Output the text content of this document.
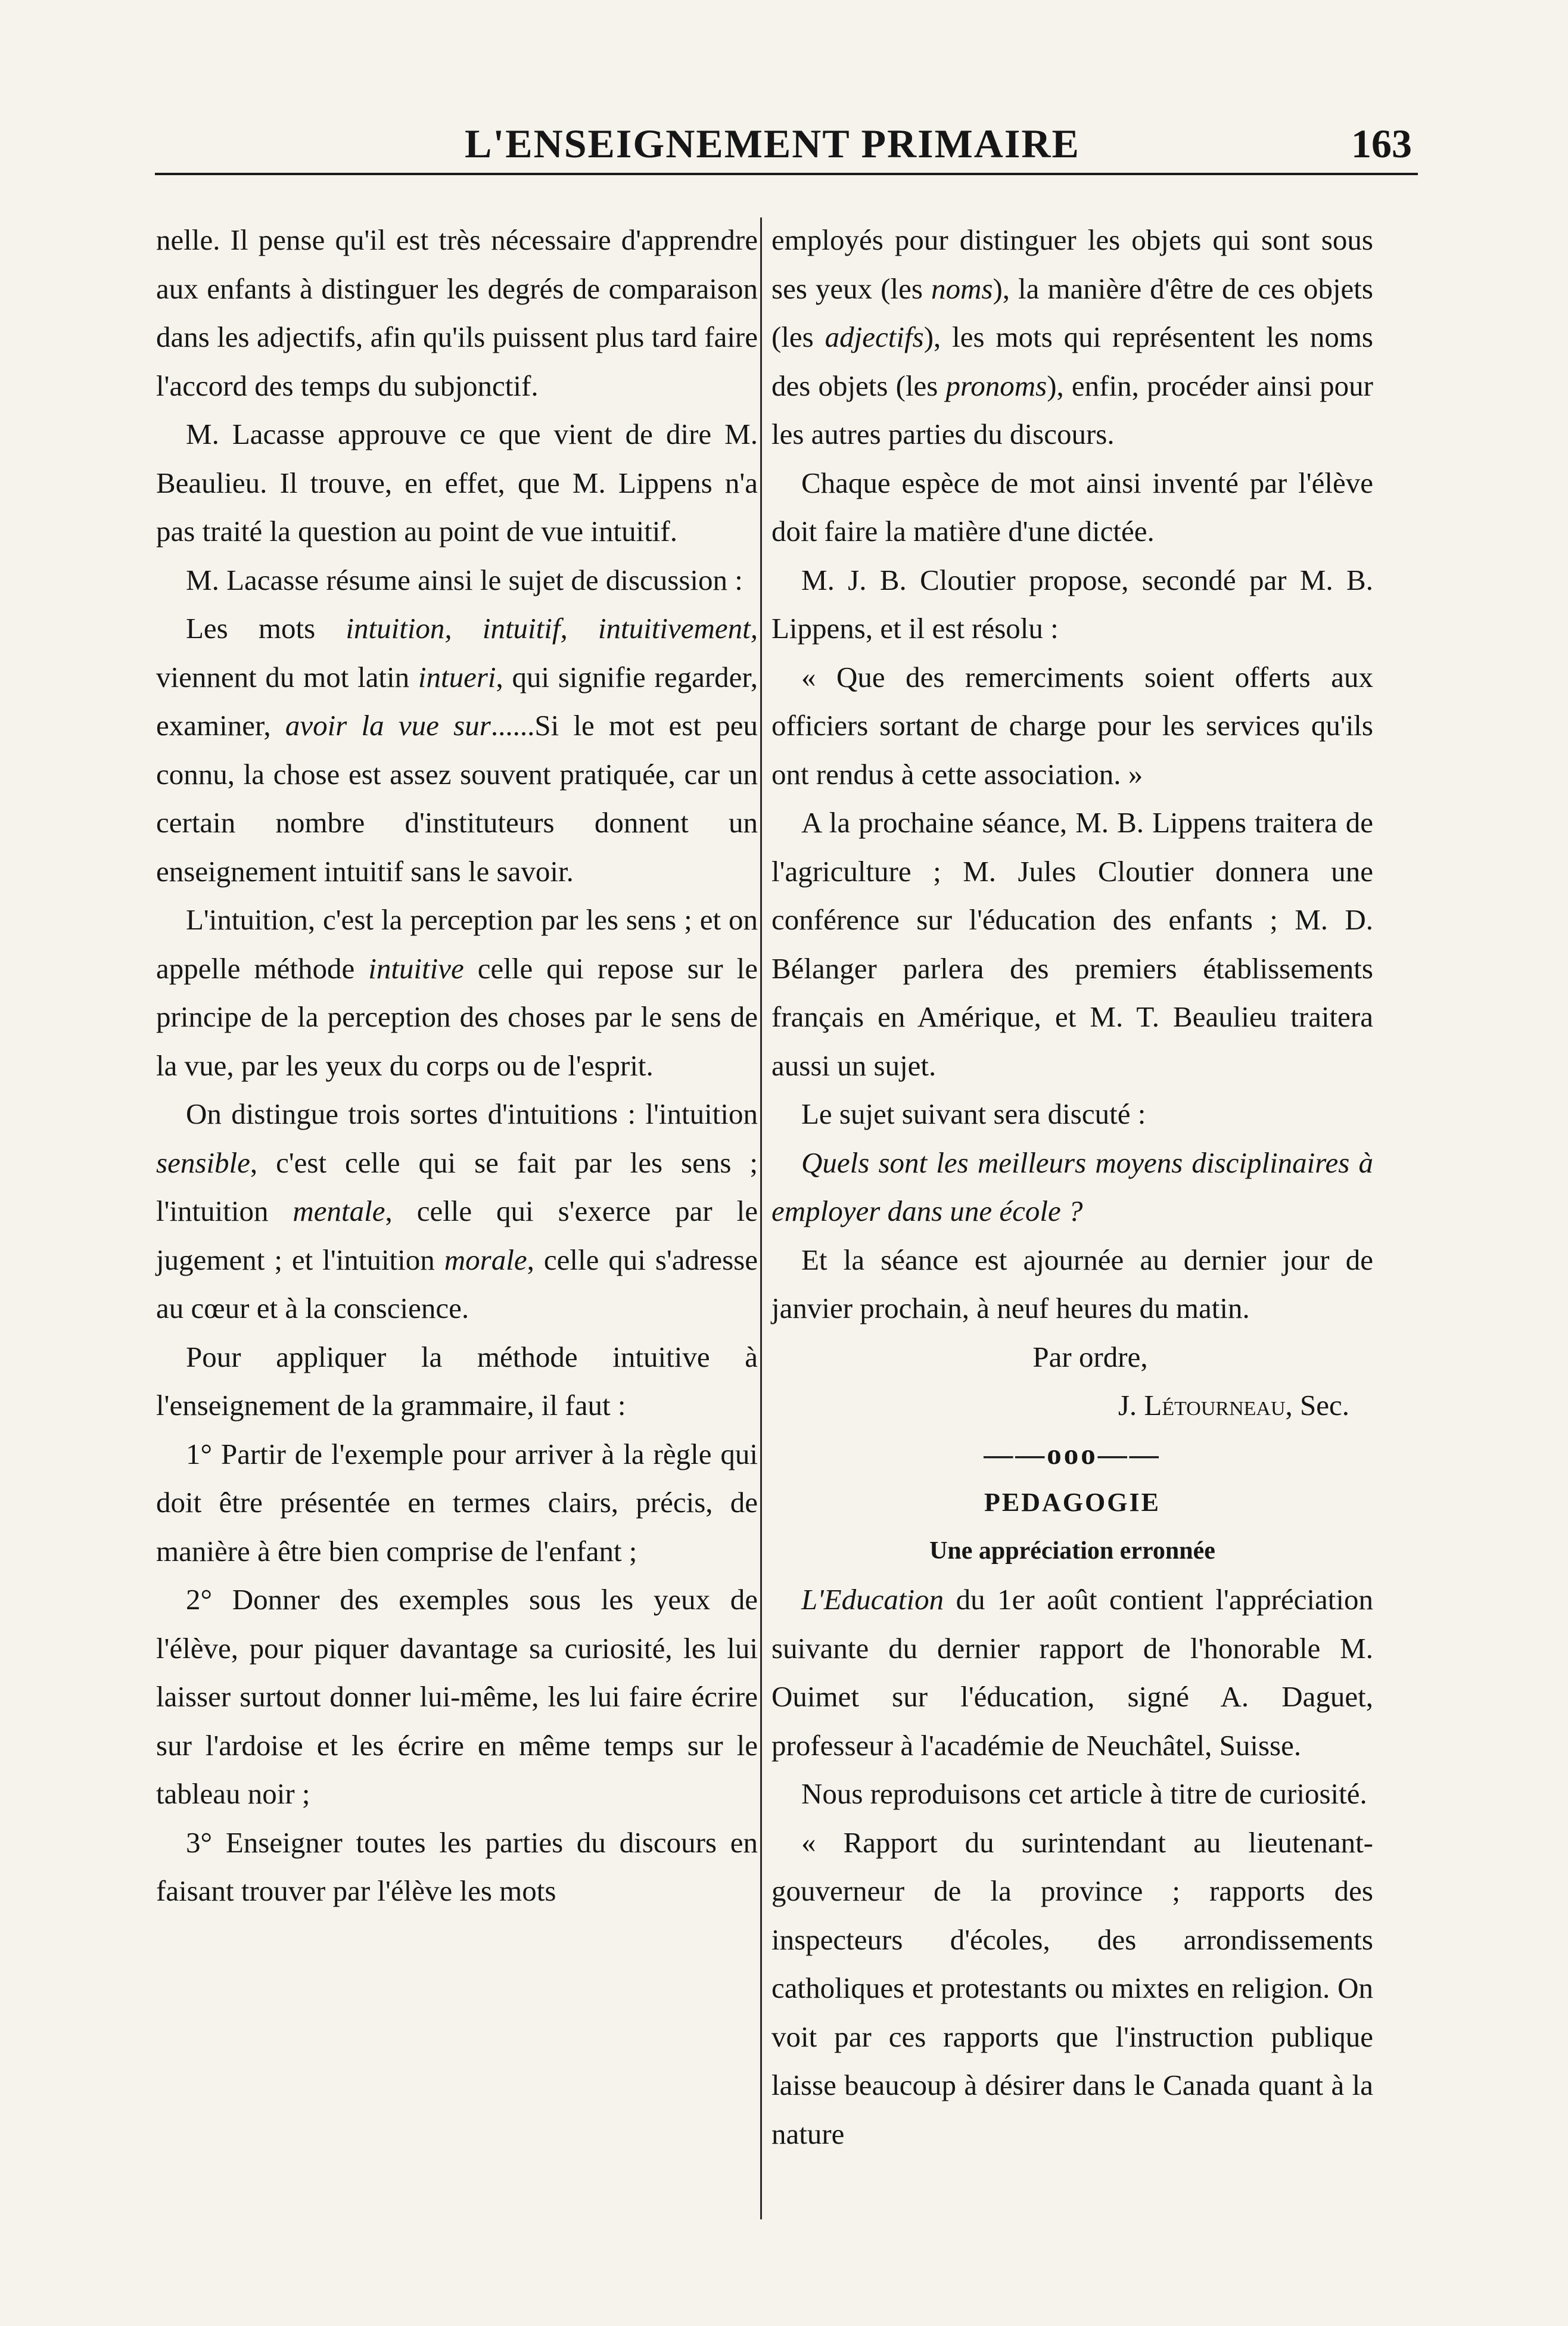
L'ENSEIGNEMENT PRIMAIRE	163

nelle. Il pense qu'il est très nécessaire d'apprendre aux enfants à distinguer les degrés de comparaison dans les adjectifs, afin qu'ils puissent plus tard faire l'accord des temps du subjonctif.

M. Lacasse approuve ce que vient de dire M. Beaulieu. Il trouve, en effet, que M. Lippens n'a pas traité la question au point de vue intuitif.

M. Lacasse résume ainsi le sujet de discussion :

Les mots intuition, intuitif, intuitivement, viennent du mot latin intueri, qui signifie regarder, examiner, avoir la vue sur......Si le mot est peu connu, la chose est assez souvent pratiquée, car un certain nombre d'instituteurs donnent un enseignement intuitif sans le savoir.

L'intuition, c'est la perception par les sens ; et on appelle méthode intuitive celle qui repose sur le principe de la perception des choses par le sens de la vue, par les yeux du corps ou de l'esprit.

On distingue trois sortes d'intuitions : l'intuition sensible, c'est celle qui se fait par les sens ; l'intuition mentale, celle qui s'exerce par le jugement ; et l'intuition morale, celle qui s'adresse au cœur et à la conscience.

Pour appliquer la méthode intuitive à l'enseignement de la grammaire, il faut :

1° Partir de l'exemple pour arriver à la règle qui doit être présentée en termes clairs, précis, de manière à être bien comprise de l'enfant ;

2° Donner des exemples sous les yeux de l'élève, pour piquer davantage sa curiosité, les lui laisser surtout donner lui-même, les lui faire écrire sur l'ardoise et les écrire en même temps sur le tableau noir ;

3° Enseigner toutes les parties du discours en faisant trouver par l'élève les mots

employés pour distinguer les objets qui sont sous ses yeux (les noms), la manière d'être de ces objets (les adjectifs), les mots qui représentent les noms des objets (les pronoms), enfin, procéder ainsi pour les autres parties du discours.

Chaque espèce de mot ainsi inventé par l'élève doit faire la matière d'une dictée.

M. J. B. Cloutier propose, secondé par M. B. Lippens, et il est résolu :

« Que des remerciments soient offerts aux officiers sortant de charge pour les services qu'ils ont rendus à cette association. »

A la prochaine séance, M. B. Lippens traitera de l'agriculture ; M. Jules Cloutier donnera une conférence sur l'éducation des enfants ; M. D. Bélanger parlera des premiers établissements français en Amérique, et M. T. Beaulieu traitera aussi un sujet.

Le sujet suivant sera discuté :

Quels sont les meilleurs moyens disciplinaires à employer dans une école ?

Et la séance est ajournée au dernier jour de janvier prochain, à neuf heures du matin.

Par ordre,

J. Létourneau, Sec.

——ooo——

PEDAGOGIE

Une appréciation erronnée

L'Education du 1er août contient l'appréciation suivante du dernier rapport de l'honorable M. Ouimet sur l'éducation, signé A. Daguet, professeur à l'académie de Neuchâtel, Suisse.

Nous reproduisons cet article à titre de curiosité.

« Rapport du surintendant au lieutenant-gouverneur de la province ; rapports des inspecteurs d'écoles, des arrondissements catholiques et protestants ou mixtes en religion. On voit par ces rapports que l'instruction publique laisse beaucoup à désirer dans le Canada quant à la nature
